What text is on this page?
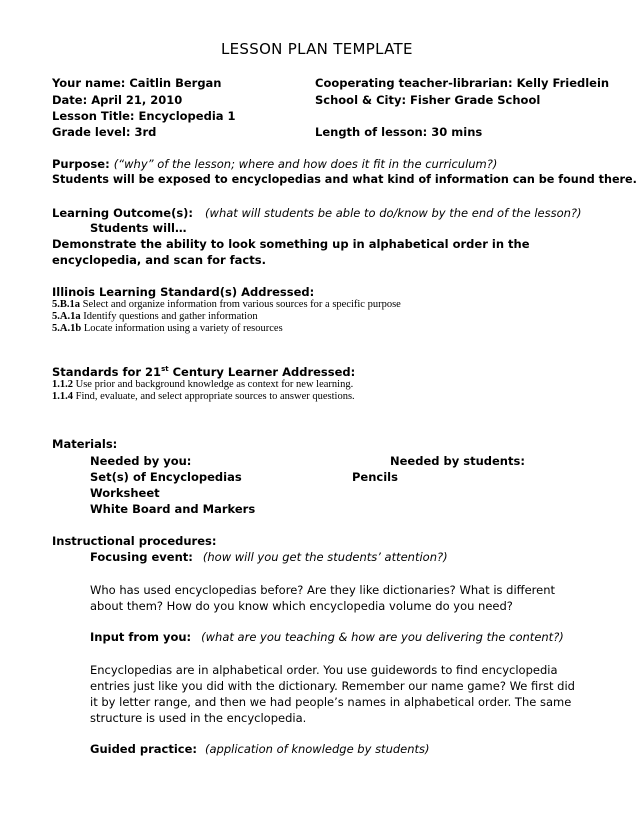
LESSON PLAN TEMPLATE
Your name: Caitlin Bergan
Date: April 21, 2010
Lesson Title: Encyclopedia 1
Grade level: 3rd
Cooperating teacher-librarian: Kelly Friedlein
School & City: Fisher Grade School
Length of lesson: 30 mins
Purpose: (“why” of the lesson; where and how does it fit in the curriculum?)
Students will be exposed to encyclopedias and what kind of information can be found there.
Learning Outcome(s): (what will students be able to do/know by the end of the lesson?)
Students will…
Demonstrate the ability to look something up in alphabetical order in the encyclopedia, and scan for facts.
Illinois Learning Standard(s) Addressed:
5.B.1a Select and organize information from various sources for a specific purpose
5.A.1a Identify questions and gather information
5.A.1b Locate information using a variety of resources
Standards for 21st Century Learner Addressed:
1.1.2 Use prior and background knowledge as context for new learning.
1.1.4 Find, evaluate, and select appropriate sources to answer questions.
Materials:
Needed by you:	Needed by students:
Set(s) of Encyclopedias	Pencils
Worksheet
White Board and Markers
Instructional procedures:
Focusing event: (how will you get the students’ attention?)
Who has used encyclopedias before? Are they like dictionaries? What is different about them? How do you know which encyclopedia volume do you need?
Input from you: (what are you teaching & how are you delivering the content?)
Encyclopedias are in alphabetical order. You use guidewords to find encyclopedia entries just like you did with the dictionary. Remember our name game? We first did it by letter range, and then we had people’s names in alphabetical order. The same structure is used in the encyclopedia.
Guided practice: (application of knowledge by students)
